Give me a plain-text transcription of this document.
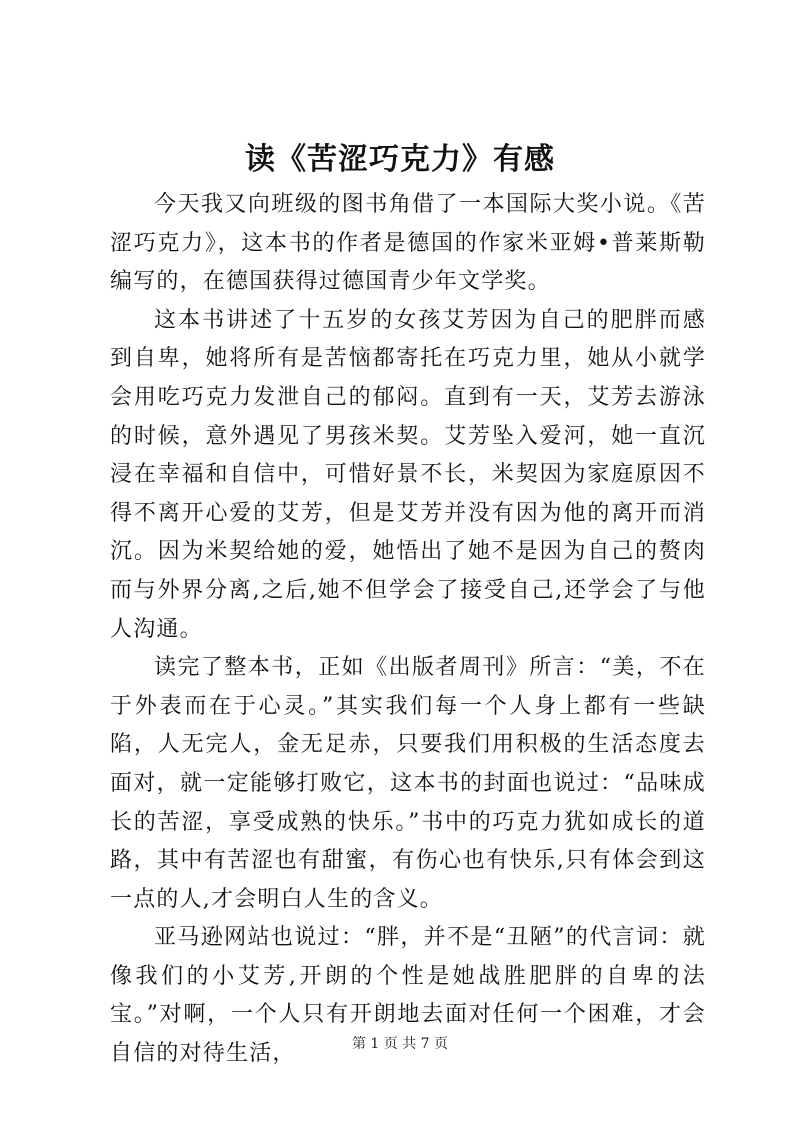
读《苦涩巧克力》有感

今天我又向班级的图书角借了一本国际大奖小说。《苦涩巧克力》，这本书的作者是德国的作家米亚姆•普莱斯勒编写的，在德国获得过德国青少年文学奖。

这本书讲述了十五岁的女孩艾芳因为自己的肥胖而感到自卑，她将所有是苦恼都寄托在巧克力里，她从小就学会用吃巧克力发泄自己的郁闷。直到有一天，艾芳去游泳的时候，意外遇见了男孩米契。艾芳坠入爱河，她一直沉浸在幸福和自信中，可惜好景不长，米契因为家庭原因不得不离开心爱的艾芳，但是艾芳并没有因为他的离开而消沉。因为米契给她的爱，她悟出了她不是因为自己的赘肉而与外界分离,之后,她不但学会了接受自己,还学会了与他人沟通。

读完了整本书，正如《出版者周刊》所言：“美，不在于外表而在于心灵。”其实我们每一个人身上都有一些缺陷，人无完人，金无足赤，只要我们用积极的生活态度去面对，就一定能够打败它，这本书的封面也说过：“品味成长的苦涩，享受成熟的快乐。”书中的巧克力犹如成长的道路，其中有苦涩也有甜蜜，有伤心也有快乐,只有体会到这一点的人,才会明白人生的含义。

亚马逊网站也说过：“胖，并不是“丑陋”的代言词：就像我们的小艾芳,开朗的个性是她战胜肥胖的自卑的法宝。”对啊，一个人只有开朗地去面对任何一个困难，才会自信的对待生活，	第 1 页 共 7 页
